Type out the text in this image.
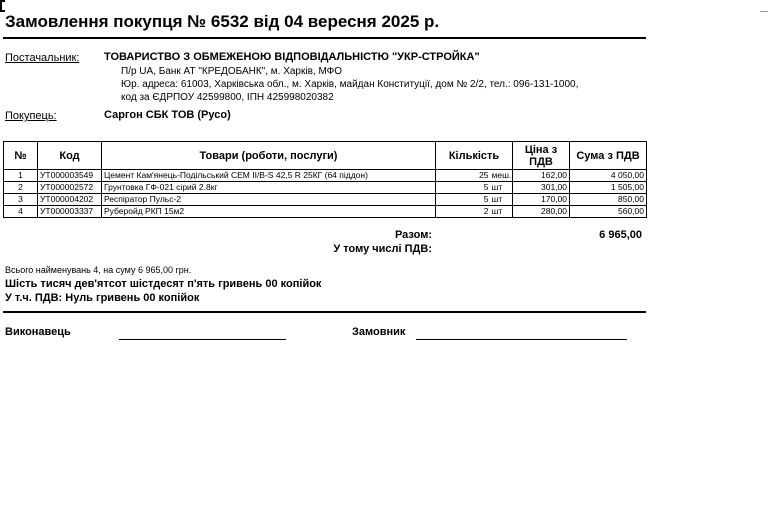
Замовлення покупця № 6532 від 04 вересня 2025 р.
Постачальник: ТОВАРИСТВО З ОБМЕЖЕНОЮ ВІДПОВІДАЛЬНІСТЮ "УКР-СТРОЙКА"
П/р UA, Банк АТ "КРЕДОБАНК", м. Харків, МФО
Юр. адреса: 61003, Харківська обл., м. Харків, майдан Конституції, дом № 2/2, тел.: 096-131-1000,
код за ЄДРПОУ 42599800, ІПН 425998020382
Покупець:	Саргон СБК ТОВ (Русо)
№	Код	Товари (роботи, послуги)	Кількість		Ціна з ПДВ	Сума з ПДВ
1	УТ000003549	Цемент Кам'янець-Подільський CEM II/B-S 42,5 R 25КГ (64 піддон)	25	меш.	162,00	4 050,00
2	УТ000002572	Грунтовка ГФ-021 сірий 2.8кг	5	шт	301,00	1 505,00
3	УТ000004202	Респіратор Пульс-2	5	шт	170,00	850,00
4	УТ000003337	Руберойд РКП 15м2	2	шт	280,00	560,00
Разом:	6 965,00
У тому числі ПДВ:
Всього найменувань 4, на суму 6 965,00 грн.
Шість тисяч дев'ятсот шістдесят п'ять гривень 00 копійок
У т.ч. ПДВ: Нуль гривень 00 копійок
Виконавець	Замовник
